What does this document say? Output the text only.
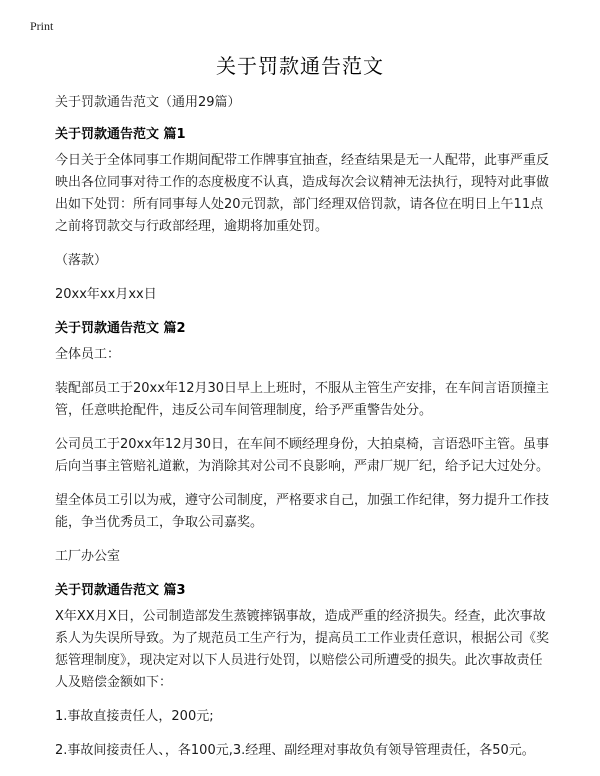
Print
关于罚款通告范文

关于罚款通告范文（通用29篇）

关于罚款通告范文 篇1

今日关于全体同事工作期间配带工作牌事宜抽查，经查结果是无一人配带，此事严重反映出各位同事对待工作的态度极度不认真，造成每次会议精神无法执行，现特对此事做出如下处罚：所有同事每人处20元罚款，部门经理双倍罚款，请各位在明日上午11点之前将罚款交与行政部经理，逾期将加重处罚。

（落款）

20xx年xx月xx日

关于罚款通告范文 篇2

全体员工：

装配部员工于20xx年12月30日早上上班时，不服从主管生产安排，在车间言语顶撞主管，任意哄抢配件，违反公司车间管理制度，给予严重警告处分。

公司员工于20xx年12月30日，在车间不顾经理身份，大拍桌椅，言语恐吓主管。虽事后向当事主管赔礼道歉，为消除其对公司不良影响，严肃厂规厂纪，给予记大过处分。

望全体员工引以为戒，遵守公司制度，严格要求自己，加强工作纪律，努力提升工作技能，争当优秀员工，争取公司嘉奖。

工厂办公室

关于罚款通告范文 篇3

X年XX月X日，公司制造部发生蒸镀摔锅事故，造成严重的经济损失。经查，此次事故系人为失误所导致。为了规范员工生产行为，提高员工工作业责任意识，根据公司《奖惩管理制度》，现决定对以下人员进行处罚，以赔偿公司所遭受的损失。此次事故责任人及赔偿金额如下：

1.事故直接责任人，200元;

2.事故间接责任人、，各100元,3.经理、副经理对事故负有领导管理责任，各50元。
